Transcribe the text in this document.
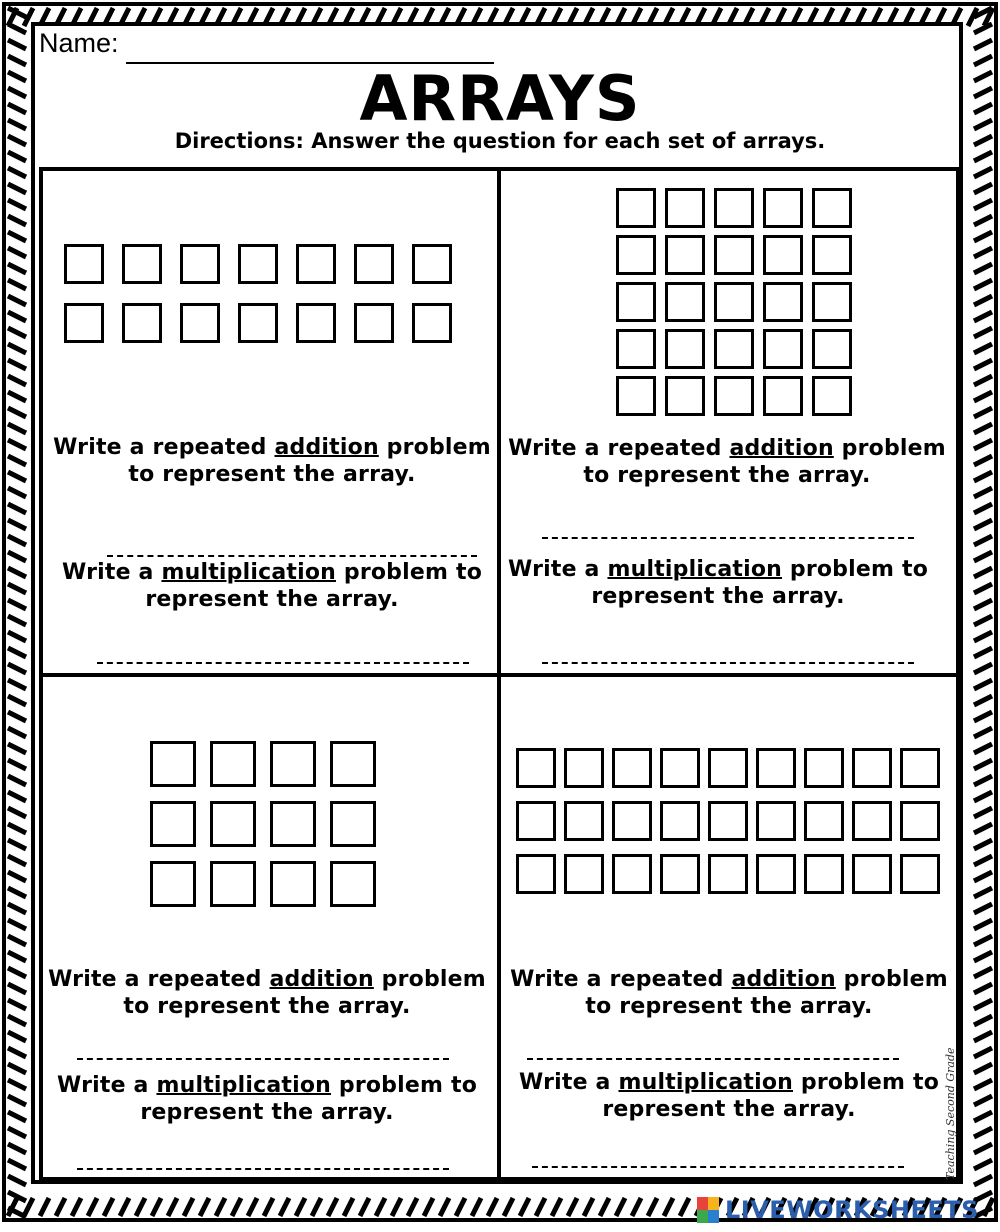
Name:
ARRAYS
Directions: Answer the question for each set of arrays.
Write a repeated addition problem
to represent the array.
Write a multiplication problem to
represent the array.
Write a repeated addition problem
to represent the array.
Write a multiplication problem to
represent the array.
Write a repeated addition problem
to represent the array.
Write a multiplication problem to
represent the array.
Write a repeated addition problem
to represent the array.
Write a multiplication problem to
represent the array.	Teaching Second Grade
LIVEWORKSHEETS
